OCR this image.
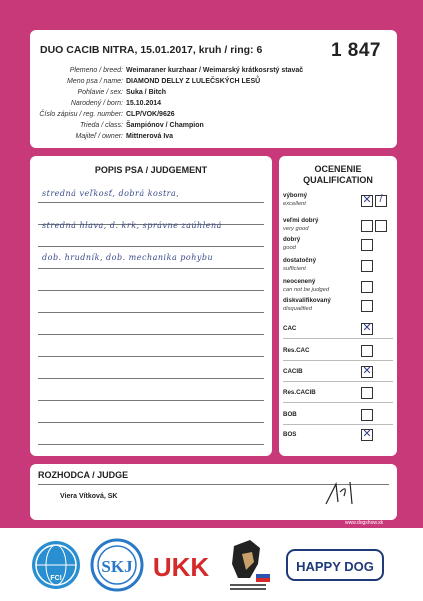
DUO CACIB NITRA, 15.01.2017, kruh / ring: 6	1 847
Plemeno / breed: Weimaraner kurzhaar / Weimarský krátkosrstý stavač
Meno psa / name: DIAMOND DELLY Z LULEČSKÝCH LESŮ
Pohlavie / sex: Suka / Bitch
Narodený / born: 15.10.2014
Číslo zápisu / reg. number: CLP/VOK/9626
Trieda / class: Šampiónov / Champion
Majiteľ / owner: Mittnerová Iva
POPIS PSA / JUDGEMENT
stredná veľkosť, dobrá kostra,
stredná hlava, d. krk, správne zaúhlená
dob. hrudník, dob. mechanika pohybu
OCENENIE
QUALIFICATION
výborný
excellent	✕ /
veľmi dobrý
very good
dobrý
good
dostatočný
sufficient
neocenený
can not be judged
diskvalifikovaný
disqualified
CAC	✕
Res.CAC
CACIB	✕
Res.CACIB
BOB
BOS	✕
ROZHODCA / JUDGE
Viera Vítková, SK
www.dogshow.sk
FCI
SKJ UKK	HAPPY DOG
